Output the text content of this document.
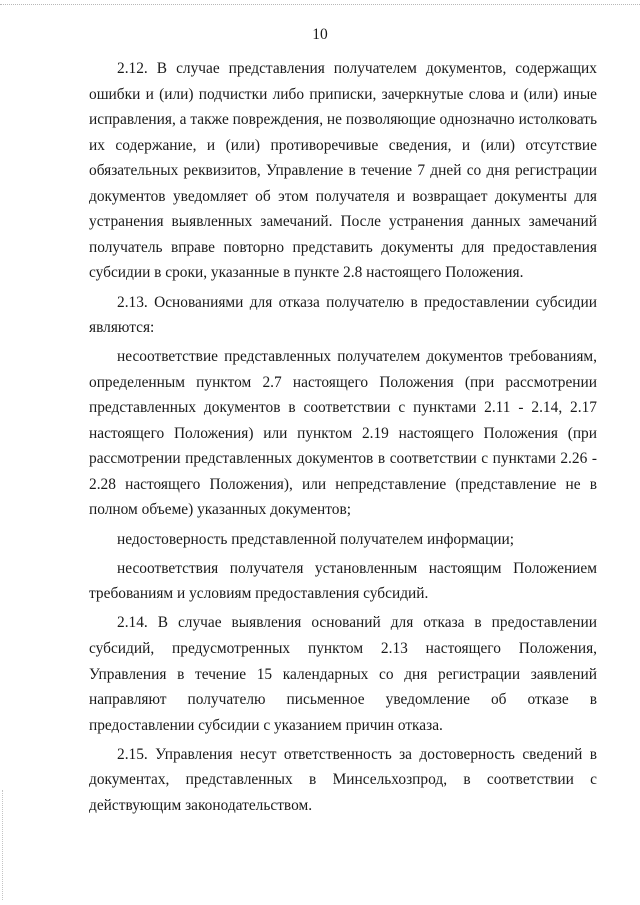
10

2.12. В случае представления получателем документов, содержащих ошибки и (или) подчистки либо приписки, зачеркнутые слова и (или) иные исправления, а также повреждения, не позволяющие однозначно истолковать их содержание, и (или) противоречивые сведения, и (или) отсутствие обязательных реквизитов, Управление в течение 7 дней со дня регистрации документов уведомляет об этом получателя и возвращает документы для устранения выявленных замечаний. После устранения данных замечаний получатель вправе повторно представить документы для предоставления субсидии в сроки, указанные в пункте 2.8 настоящего Положения.

2.13. Основаниями для отказа получателю в предоставлении субсидии являются:

несоответствие представленных получателем документов требованиям, определенным пунктом 2.7 настоящего Положения (при рассмотрении представленных документов в соответствии с пунктами 2.11 - 2.14, 2.17 настоящего Положения) или пунктом 2.19 настоящего Положения (при рассмотрении представленных документов в соответствии с пунктами 2.26 - 2.28 настоящего Положения), или непредставление (представление не в полном объеме) указанных документов;

недостоверность представленной получателем информации;

несоответствия получателя установленным настоящим Положением требованиям и условиям предоставления субсидий.

2.14. В случае выявления оснований для отказа в предоставлении субсидий, предусмотренных пунктом 2.13 настоящего Положения, Управления в течение 15 календарных со дня регистрации заявлений направляют получателю письменное уведомление об отказе в предоставлении субсидии с указанием причин отказа.

2.15. Управления несут ответственность за достоверность сведений в документах, представленных в Минсельхозпрод, в соответствии с действующим законодательством.
